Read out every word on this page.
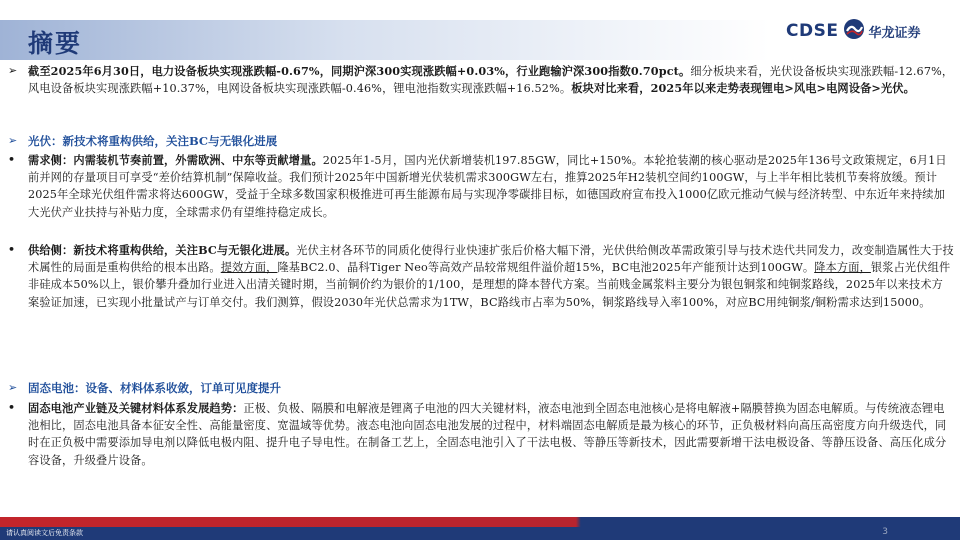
摘要	CDSE 华龙证券
➢ 截至2025年6月30日，电力设备板块实现涨跌幅-0.67%，同期沪深300实现涨跌幅+0.03%，行业跑输沪深300指数0.70pct。细分板块来看，光伏设备板块实现涨跌幅-12.67%，风电设备板块实现涨跌幅+10.37%，电网设备板块实现涨跌幅-0.46%，锂电池指数实现涨跌幅+16.52%。板块对比来看，2025年以来走势表现锂电>风电>电网设备>光伏。
➢ 光伏：新技术将重构供给，关注BC与无银化进展
• 需求侧：内需装机节奏前置，外需欧洲、中东等贡献增量。2025年1-5月，国内光伏新增装机197.85GW，同比+150%。本轮抢装潮的核心驱动是2025年136号文政策规定，6月1日前并网的存量项目可享受“差价结算机制”保障收益。我们预计2025年中国新增光伏装机需求300GW左右，推算2025年H2装机空间约100GW，与上半年相比装机节奏将放缓。预计2025年全球光伏组件需求将达600GW，受益于全球多数国家积极推进可再生能源布局与实现净零碳排目标，如德国政府宣布投入1000亿欧元推动气候与经济转型、中东近年来持续加大光伏产业扶持与补贴力度，全球需求仍有望维持稳定成长。
• 供给侧：新技术将重构供给，关注BC与无银化进展。光伏主材各环节的同质化使得行业快速扩张后价格大幅下滑，光伏供给侧改革需政策引导与技术迭代共同发力，改变制造属性大于技术属性的局面是重构供给的根本出路。提效方面，隆基BC2.0、晶科Tiger Neo等高效产品较常规组件溢价超15%，BC电池2025年产能预计达到100GW。降本方面，银浆占光伏组件非硅成本50%以上，银价攀升叠加行业进入出清关键时期，当前铜价约为银价的1/100，是理想的降本替代方案。当前贱金属浆料主要分为银包铜浆和纯铜浆路线，2025年以来技术方案验证加速，已实现小批量试产与订单交付。我们测算，假设2030年光伏总需求为1TW，BC路线市占率为50%，铜浆路线导入率100%，对应BC用纯铜浆/铜粉需求达到15000。
➢ 固态电池：设备、材料体系收敛，订单可见度提升
• 固态电池产业链及关键材料体系发展趋势：正极、负极、隔膜和电解液是锂离子电池的四大关键材料，液态电池到全固态电池核心是将电解液+隔膜替换为固态电解质。与传统液态锂电池相比，固态电池具备本征安全性、高能量密度、宽温域等优势。液态电池向固态电池发展的过程中，材料端固态电解质是最为核心的环节，正负极材料向高压高密度方向升级迭代，同时在正负极中需要添加导电剂以降低电极内阻、提升电子导电性。在制备工艺上，全固态电池引入了干法电极、等静压等新技术，因此需要新增干法电极设备、等静压设备、高压化成分容设备，升级叠片设备。
请认真阅读文后免责条款	3
